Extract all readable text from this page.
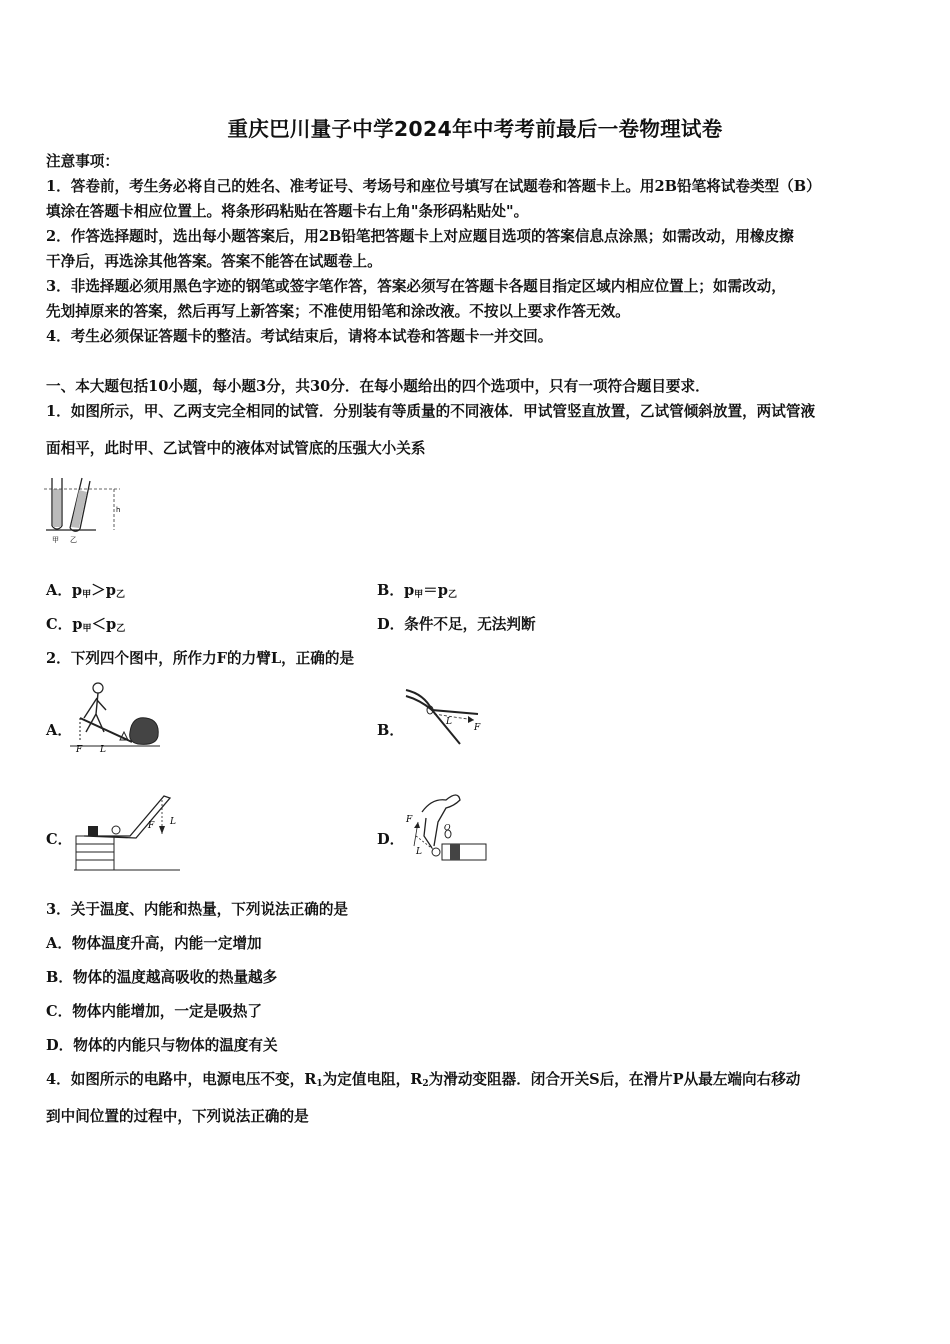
重庆巴川量子中学2024年中考考前最后一卷物理试卷
注意事项：
1．答卷前，考生务必将自己的姓名、准考证号、考场号和座位号填写在试题卷和答题卡上。用2B铅笔将试卷类型（B）
填涂在答题卡相应位置上。将条形码粘贴在答题卡右上角"条形码粘贴处"。
2．作答选择题时，选出每小题答案后，用2B铅笔把答题卡上对应题目选项的答案信息点涂黑；如需改动，用橡皮擦
干净后，再选涂其他答案。答案不能答在试题卷上。
3．非选择题必须用黑色字迹的钢笔或签字笔作答，答案必须写在答题卡各题目指定区域内相应位置上；如需改动，
先划掉原来的答案，然后再写上新答案；不准使用铅笔和涂改液。不按以上要求作答无效。
4．考生必须保证答题卡的整洁。考试结束后，请将本试卷和答题卡一并交回。
一、本大题包括10小题，每小题3分，共30分．在每小题给出的四个选项中，只有一项符合题目要求．
1．如图所示，甲、乙两支完全相同的试管．分别装有等质量的不同液体．甲试管竖直放置，乙试管倾斜放置，两试管液
面相平，此时甲、乙试管中的液体对试管底的压强大小关系
h
甲 乙
A．$p_甲>p_乙$	B．$p_甲=p_乙$
C．$p_甲<p_乙$	D．条件不足，无法判断
2．下列四个图中，所作力F的力臂L，正确的是
A．
F L
B．	L
F
C．
F L
D．
F
L
O
3．关于温度、内能和热量，下列说法正确的是
A．物体温度升高，内能一定增加
B．物体的温度越高吸收的热量越多
C．物体内能增加，一定是吸热了
D．物体的内能只与物体的温度有关
4．如图所示的电路中，电源电压不变，$R_1$为定值电阻，$R_2$为滑动变阻器．闭合开关S后，在滑片P从最左端向右移动
到中间位置的过程中，下列说法正确的是
